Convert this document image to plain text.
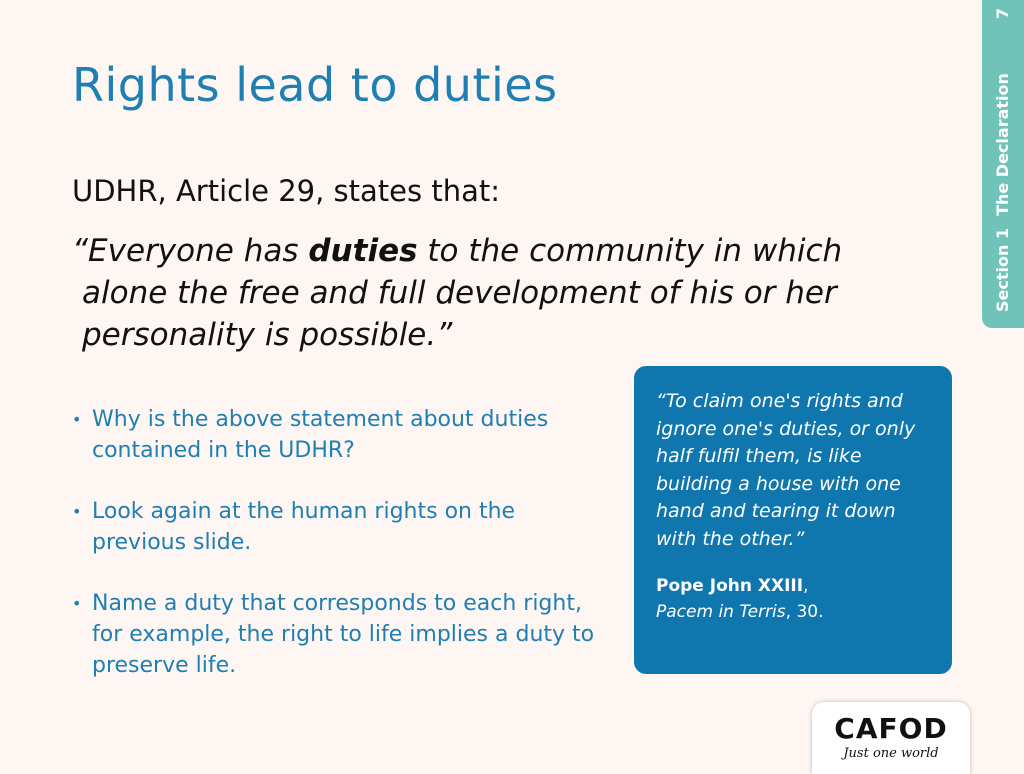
Rights lead to duties

UDHR, Article 29, states that:

“Everyone has duties to the community in which
alone the free and full development of his or her
personality is possible.”

• Why is the above statement about duties contained in the UDHR?
• Look again at the human rights on the previous slide.
• Name a duty that corresponds to each right, for example, the right to life implies a duty to preserve life.

“To claim one's rights and ignore one's duties, or only half fulfil them, is like building a house with one hand and tearing it down with the other.”

Pope John XXIII,
Pacem in Terris, 30.

Section 1
The Declaration
7
CAFOD
Just one world
